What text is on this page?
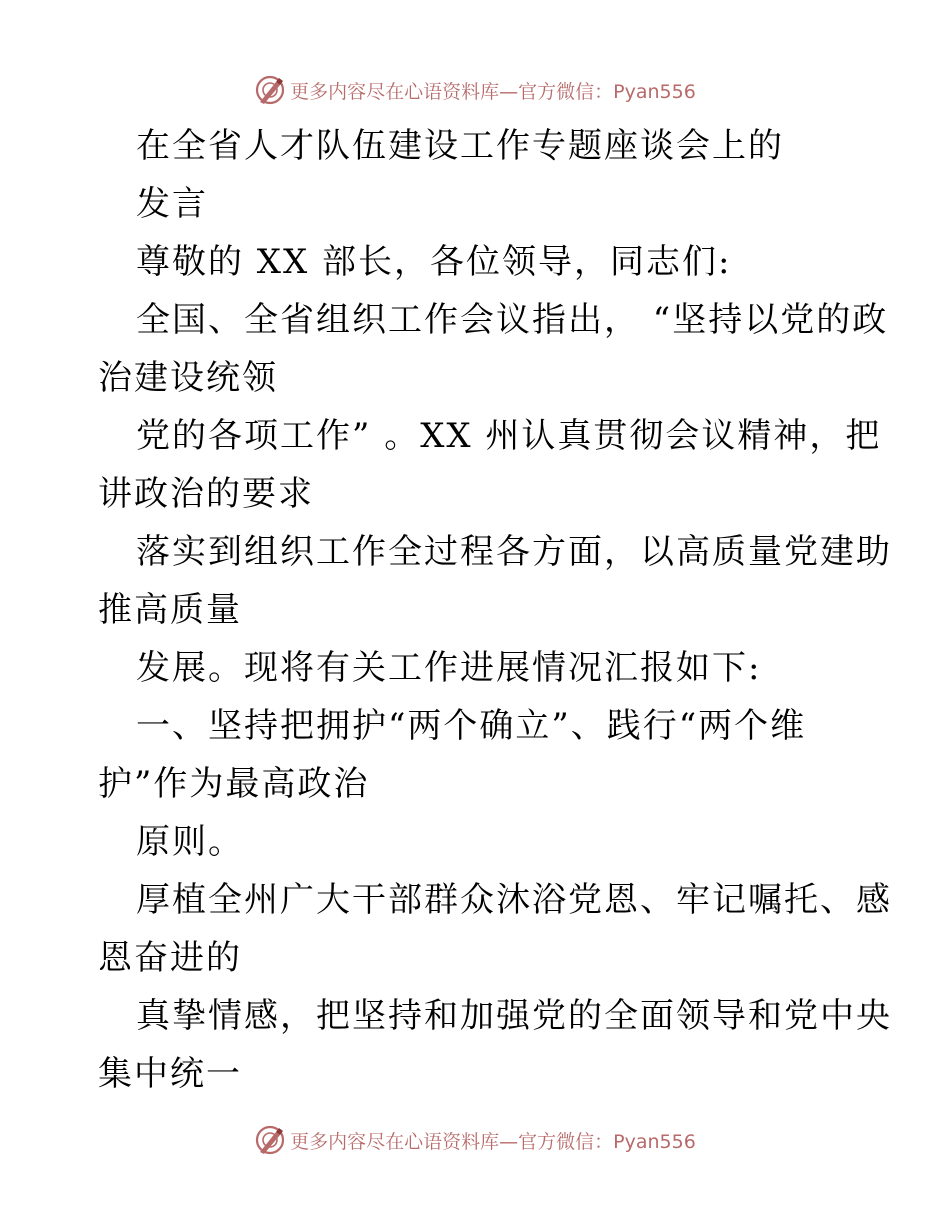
更多内容尽在心语资料库—官方微信：Pyan556
在全省人才队伍建设工作专题座谈会上的
发言
尊敬的 XX 部长，各位领导，同志们:
全国、全省组织工作会议指出， “坚持以党的政
治建设统领
党的各项工作” 。XX 州认真贯彻会议精神，把
讲政治的要求
落实到组织工作全过程各方面，以高质量党建助
推高质量
发展。现将有关工作进展情况汇报如下:
一、坚持把拥护“两个确立”、践行“两个维
护”作为最高政治
原则。
厚植全州广大干部群众沐浴党恩、牢记嘱托、感
恩奋进的
真挚情感，把坚持和加强党的全面领导和党中央
集中统一
更多内容尽在心语资料库—官方微信：Pyan556
